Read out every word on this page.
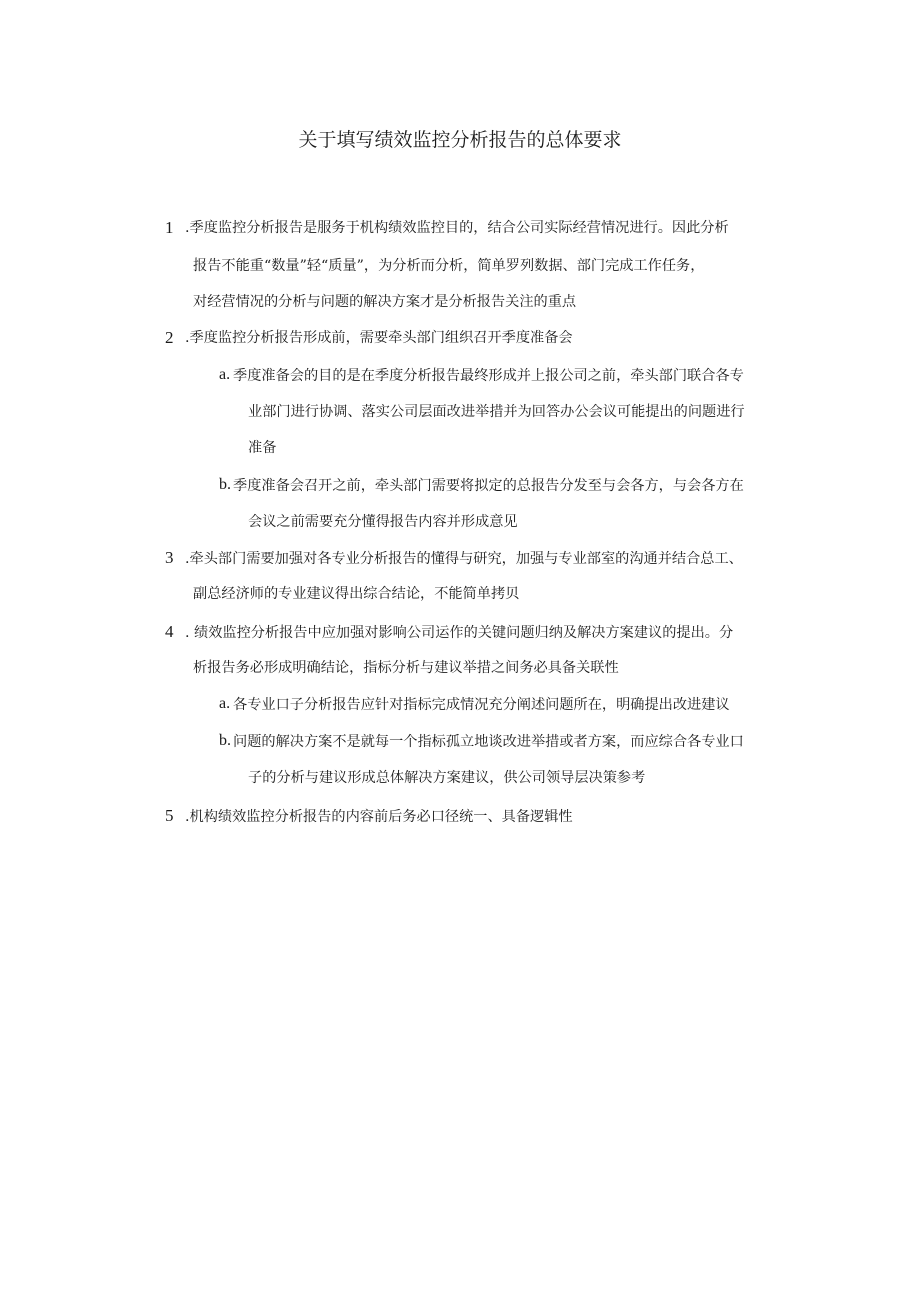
关于填写绩效监控分析报告的总体要求
1 .季度监控分析报告是服务于机构绩效监控目的，结合公司实际经营情况进行。因此分析
报告不能重“数量”轻“质量”，为分析而分析，简单罗列数据、部门完成工作任务，
对经营情况的分析与问题的解决方案才是分析报告关注的重点
2 .季度监控分析报告形成前，需要牵头部门组织召开季度准备会
a. 季度准备会的目的是在季度分析报告最终形成并上报公司之前，牵头部门联合各专
业部门进行协调、落实公司层面改进举措并为回答办公会议可能提出的问题进行
准备
b. 季度准备会召开之前，牵头部门需要将拟定的总报告分发至与会各方，与会各方在
会议之前需要充分懂得报告内容并形成意见
3 .牵头部门需要加强对各专业分析报告的懂得与研究，加强与专业部室的沟通并结合总工、
副总经济师的专业建议得出综合结论，不能简单拷贝
4 . 绩效监控分析报告中应加强对影响公司运作的关键问题归纳及解决方案建议的提出。分
析报告务必形成明确结论，指标分析与建议举措之间务必具备关联性
a. 各专业口子分析报告应针对指标完成情况充分阐述问题所在，明确提出改进建议
b. 问题的解决方案不是就每一个指标孤立地谈改进举措或者方案，而应综合各专业口
子的分析与建议形成总体解决方案建议，供公司领导层决策参考
5 .机构绩效监控分析报告的内容前后务必口径统一、具备逻辑性
